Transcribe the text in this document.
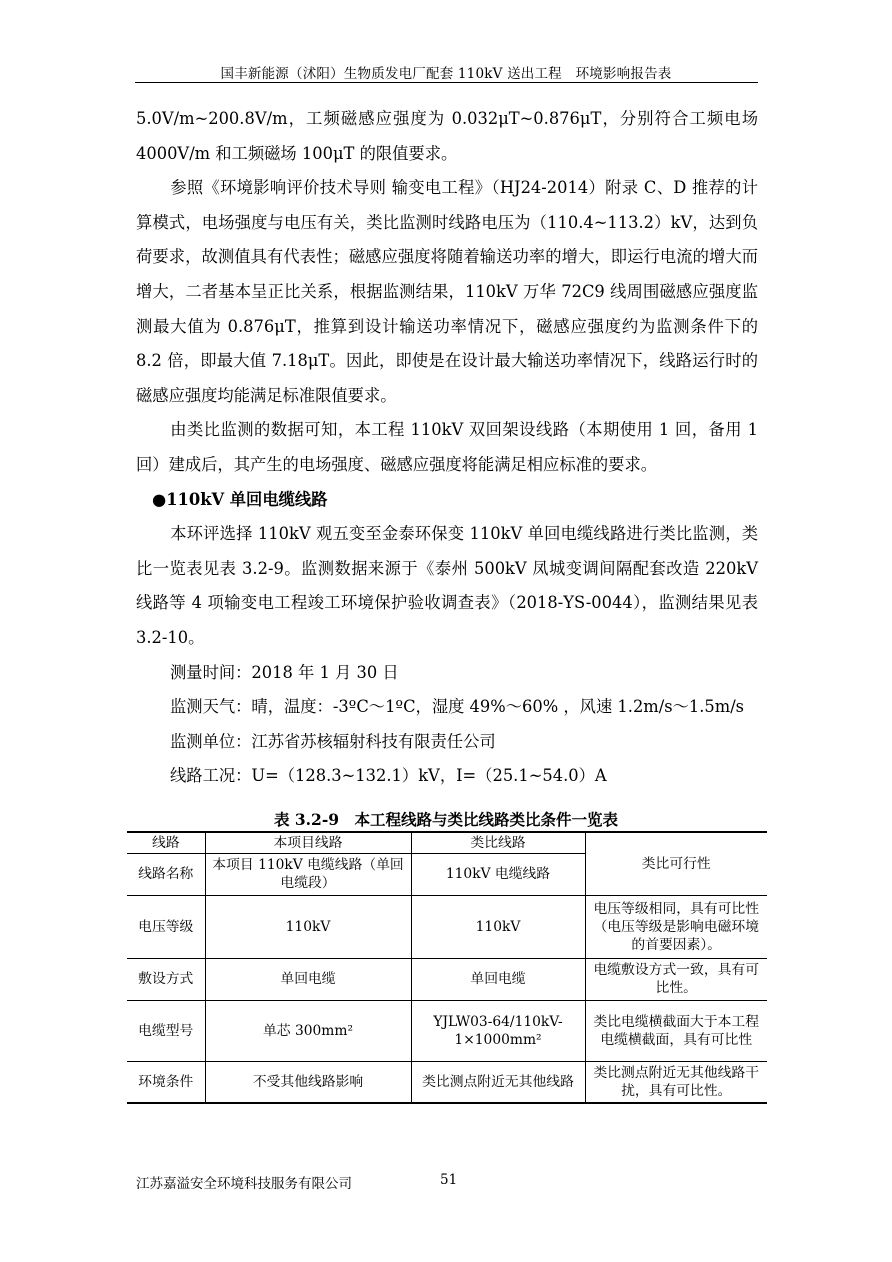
国丰新能源（沭阳）生物质发电厂配套 110kV 送出工程　环境影响报告表

5.0V/m~200.8V/m，工频磁感应强度为 0.032μT~0.876μT，分别符合工频电场 4000V/m 和工频磁场 100μT 的限值要求。

参照《环境影响评价技术导则 输变电工程》（HJ24-2014）附录 C、D 推荐的计算模式，电场强度与电压有关，类比监测时线路电压为（110.4~113.2）kV，达到负荷要求，故测值具有代表性；磁感应强度将随着输送功率的增大，即运行电流的增大而增大，二者基本呈正比关系，根据监测结果，110kV 万华 72C9 线周围磁感应强度监测最大值为 0.876μT，推算到设计输送功率情况下，磁感应强度约为监测条件下的 8.2 倍，即最大值 7.18μT。因此，即使是在设计最大输送功率情况下，线路运行时的磁感应强度均能满足标准限值要求。

由类比监测的数据可知，本工程 110kV 双回架设线路（本期使用 1 回，备用 1 回）建成后，其产生的电场强度、磁感应强度将能满足相应标准的要求。

●110kV 单回电缆线路

本环评选择 110kV 观五变至金泰环保变 110kV 单回电缆线路进行类比监测，类比一览表见表 3.2-9。监测数据来源于《泰州 500kV 凤城变调间隔配套改造 220kV 线路等 4 项输变电工程竣工环境保护验收调查表》（2018-YS-0044），监测结果见表 3.2-10。

测量时间：2018 年 1 月 30 日

监测天气：晴，温度：-3ºC～1ºC，湿度 49%～60% ，风速 1.2m/s～1.5m/s

监测单位：江苏省苏核辐射科技有限责任公司

线路工况：U=（128.3~132.1）kV，I=（25.1~54.0）A

表 3.2-9　本工程线路与类比线路类比条件一览表
线路	本项目线路	类比线路	类比可行性
线路名称	本项目 110kV 电缆线路（单回电缆段）	110kV 电缆线路	
电压等级	110kV	110kV	电压等级相同，具有可比性（电压等级是影响电磁环境的首要因素）。
敷设方式	单回电缆	单回电缆	电缆敷设方式一致，具有可比性。
电缆型号	单芯 300mm²	YJLW03-64/110kV-1×1000mm²	类比电缆横截面大于本工程电缆横截面，具有可比性
环境条件	不受其他线路影响	类比测点附近无其他线路	类比测点附近无其他线路干扰，具有可比性。
江苏嘉溢安全环境科技服务有限公司	51
